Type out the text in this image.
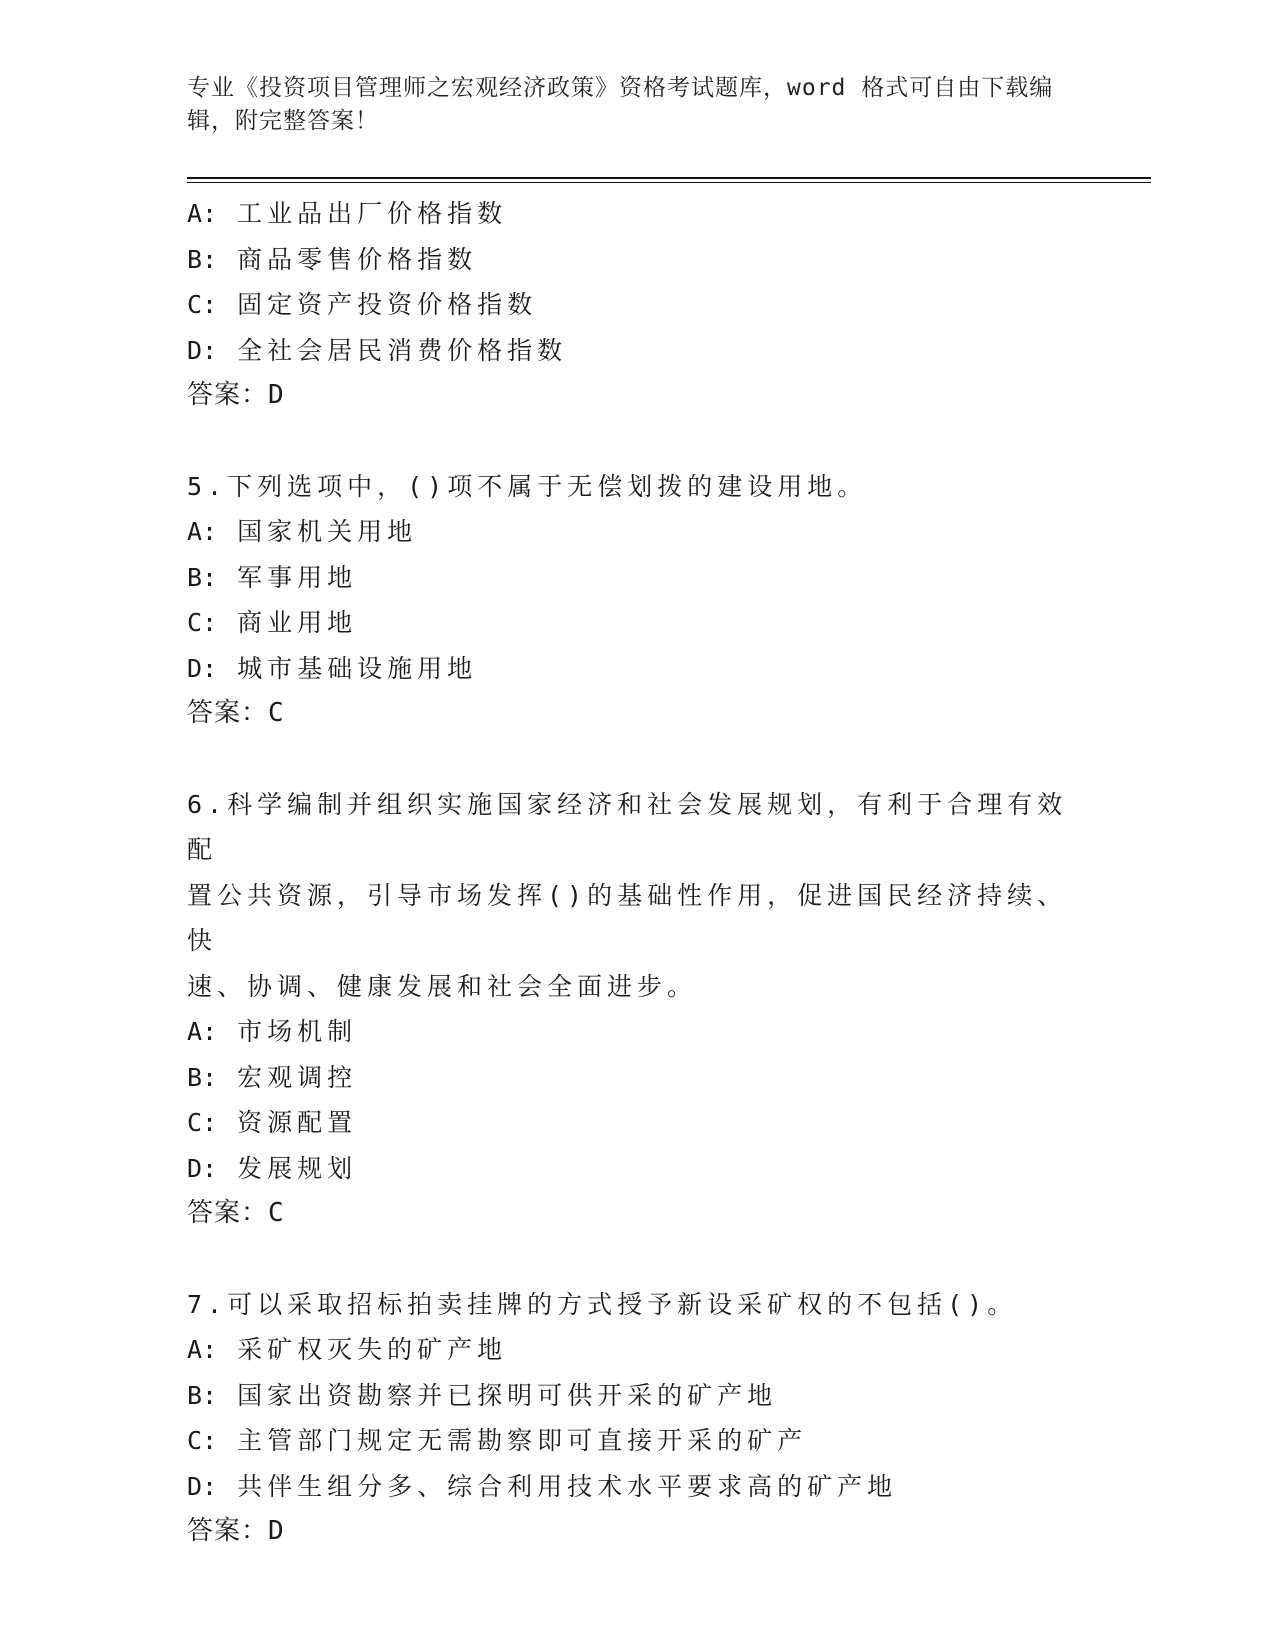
专业《投资项目管理师之宏观经济政策》资格考试题库，word 格式可自由下载编
辑，附完整答案！
A: 工业品出厂价格指数
B: 商品零售价格指数
C: 固定资产投资价格指数
D: 全社会居民消费价格指数
答案：D
5.下列选项中，()项不属于无偿划拨的建设用地。
A: 国家机关用地
B: 军事用地
C: 商业用地
D: 城市基础设施用地
答案：C
6.科学编制并组织实施国家经济和社会发展规划，有利于合理有效配
置公共资源，引导市场发挥()的基础性作用，促进国民经济持续、快
速、协调、健康发展和社会全面进步。
A: 市场机制
B: 宏观调控
C: 资源配置
D: 发展规划
答案：C
7.可以采取招标拍卖挂牌的方式授予新设采矿权的不包括()。
A: 采矿权灭失的矿产地
B: 国家出资勘察并已探明可供开采的矿产地
C: 主管部门规定无需勘察即可直接开采的矿产
D: 共伴生组分多、综合利用技术水平要求高的矿产地
答案：D
